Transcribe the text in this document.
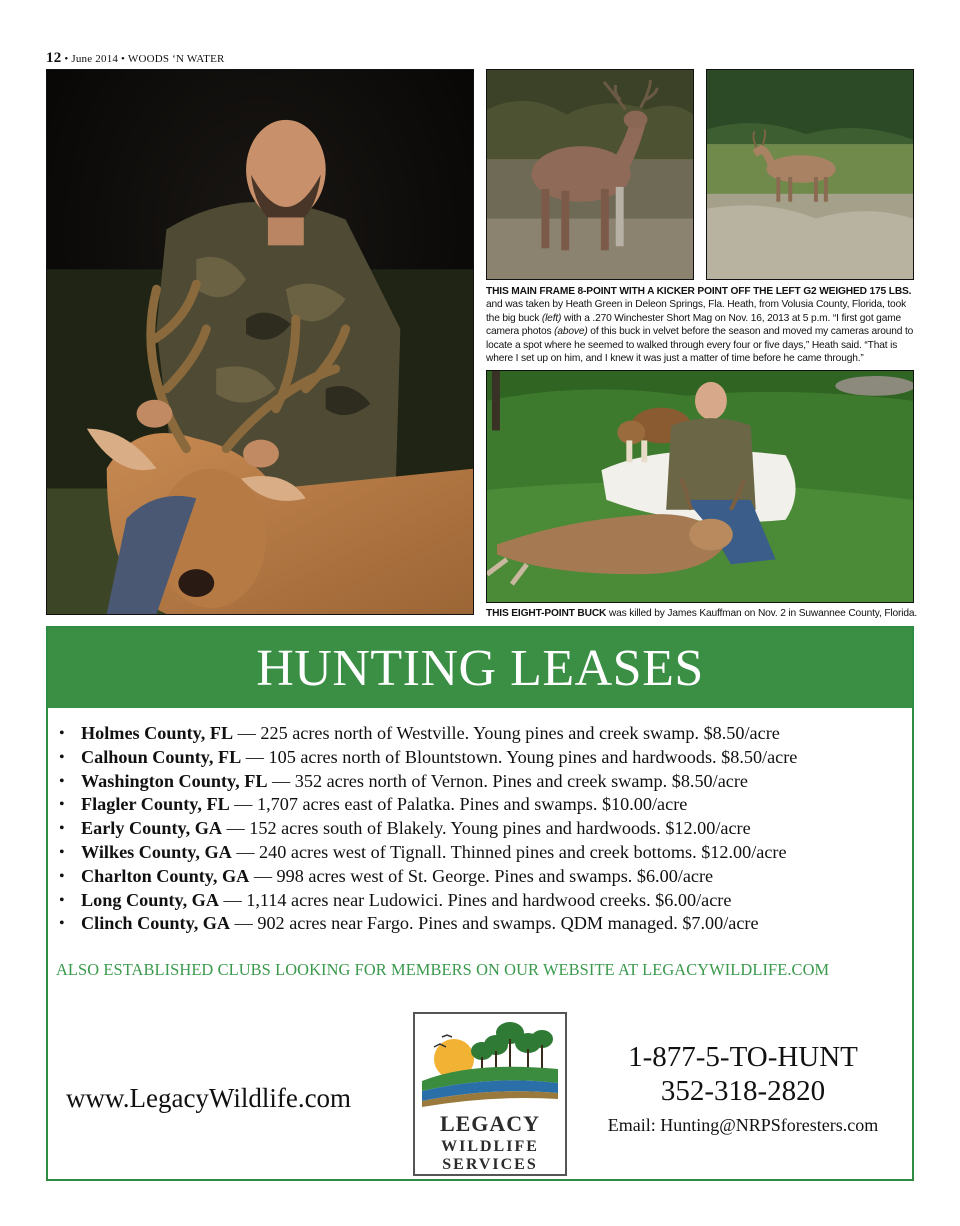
12 • June 2014 • WOODS ‘N WATER
THIS MAIN FRAME 8-POINT WITH A KICKER POINT OFF THE LEFT G2 WEIGHED 175 LBS. and was taken by Heath Green in Deleon Springs, Fla. Heath, from Volusia County, Florida, took the big buck (left) with a .270 Winchester Short Mag on Nov. 16, 2013 at 5 p.m. “I first got game camera photos (above) of this buck in velvet before the season and moved my cameras around to locate a spot where he seemed to walked through every four or five days,” Heath said. “That is where I set up on him, and I knew it was just a matter of time before he came through.”
THIS EIGHT-POINT BUCK was killed by James Kauffman on Nov. 2 in Suwannee County, Florida.
HUNTING LEASES
• Holmes County, FL — 225 acres north of Westville. Young pines and creek swamp. $8.50/acre
• Calhoun County, FL — 105 acres north of Blountstown. Young pines and hardwoods. $8.50/acre
• Washington County, FL — 352 acres north of Vernon. Pines and creek swamp. $8.50/acre
• Flagler County, FL — 1,707 acres east of Palatka. Pines and swamps. $10.00/acre
• Early County, GA — 152 acres south of Blakely. Young pines and hardwoods. $12.00/acre
• Wilkes County, GA — 240 acres west of Tignall. Thinned pines and creek bottoms. $12.00/acre
• Charlton County, GA — 998 acres west of St. George. Pines and swamps. $6.00/acre
• Long County, GA — 1,114 acres near Ludowici. Pines and hardwood creeks. $6.00/acre
• Clinch County, GA — 902 acres near Fargo. Pines and swamps. QDM managed. $7.00/acre
ALSO ESTABLISHED CLUBS LOOKING FOR MEMBERS ON OUR WEBSITE AT LEGACYWILDLIFE.COM
www.LegacyWildlife.com
LEGACY
WILDLIFE
SERVICES
1-877-5-TO-HUNT
352-318-2820
Email: Hunting@NRPSforesters.com
